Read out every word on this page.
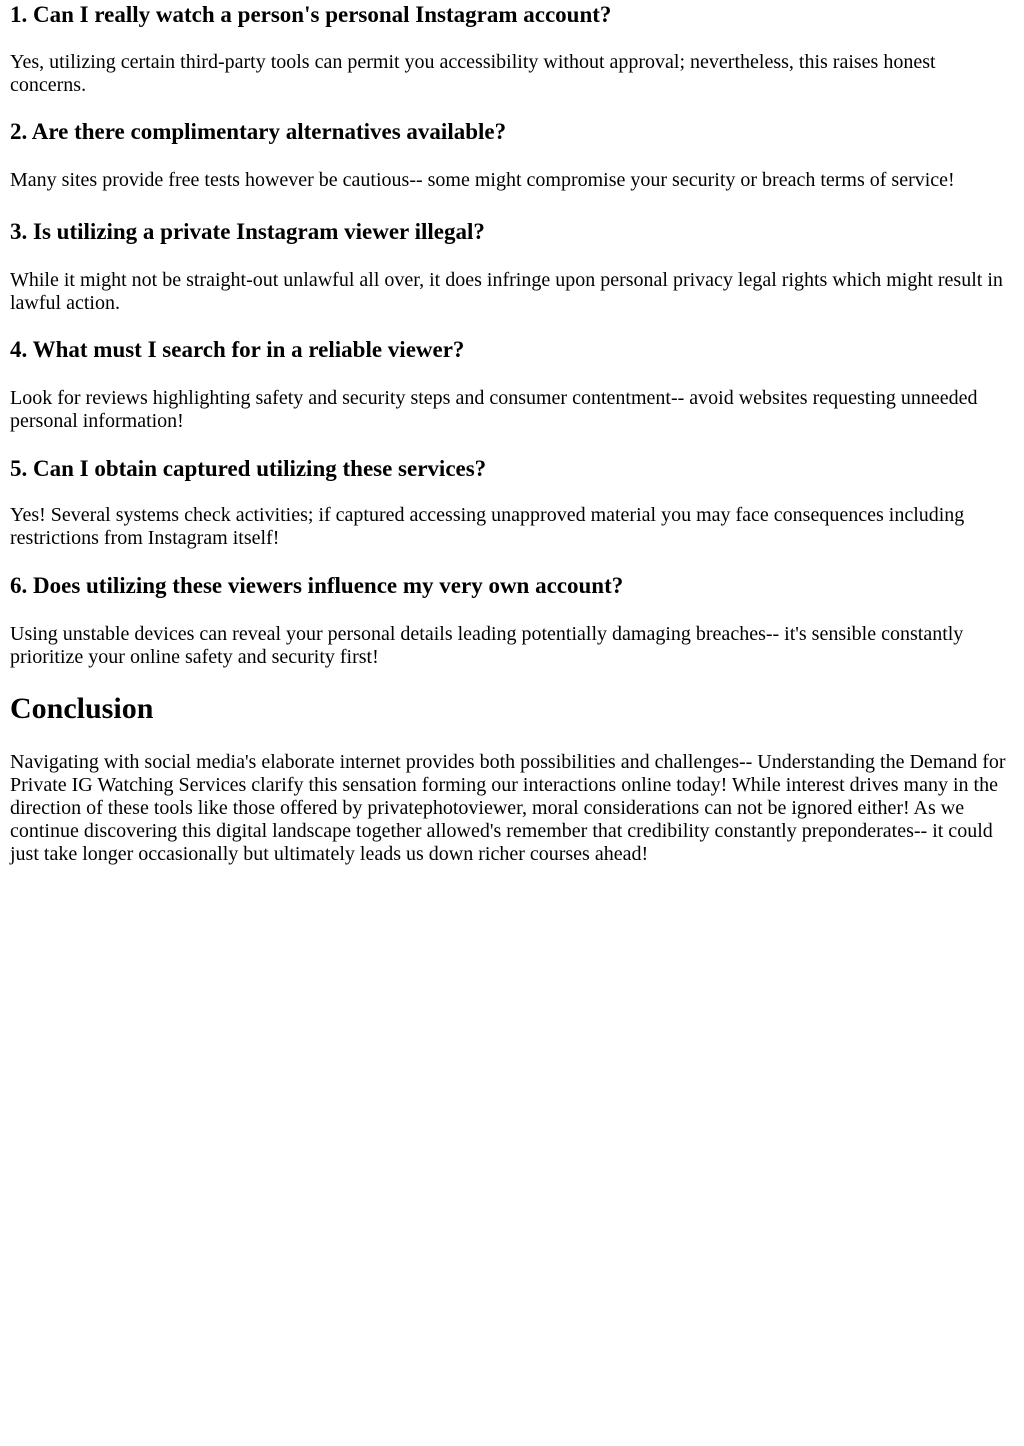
1. Can I really watch a person's personal Instagram account?

Yes, utilizing certain third-party tools can permit you accessibility without approval; nevertheless, this raises honest concerns.

2. Are there complimentary alternatives available?

Many sites provide free tests however be cautious-- some might compromise your security or breach terms of service!

3. Is utilizing a private Instagram viewer illegal?

While it might not be straight-out unlawful all over, it does infringe upon personal privacy legal rights which might result in lawful action.

4. What must I search for in a reliable viewer?

Look for reviews highlighting safety and security steps and consumer contentment-- avoid websites requesting unneeded personal information!

5. Can I obtain captured utilizing these services?

Yes! Several systems check activities; if captured accessing unapproved material you may face consequences including restrictions from Instagram itself!

6. Does utilizing these viewers influence my very own account?

Using unstable devices can reveal your personal details leading potentially damaging breaches-- it's sensible constantly prioritize your online safety and security first!

Conclusion

Navigating with social media's elaborate internet provides both possibilities and challenges-- Understanding the Demand for Private IG Watching Services clarify this sensation forming our interactions online today! While interest drives many in the direction of these tools like those offered by privatephotoviewer, moral considerations can not be ignored either! As we continue discovering this digital landscape together allowed's remember that credibility constantly preponderates-- it could just take longer occasionally but ultimately leads us down richer courses ahead!
